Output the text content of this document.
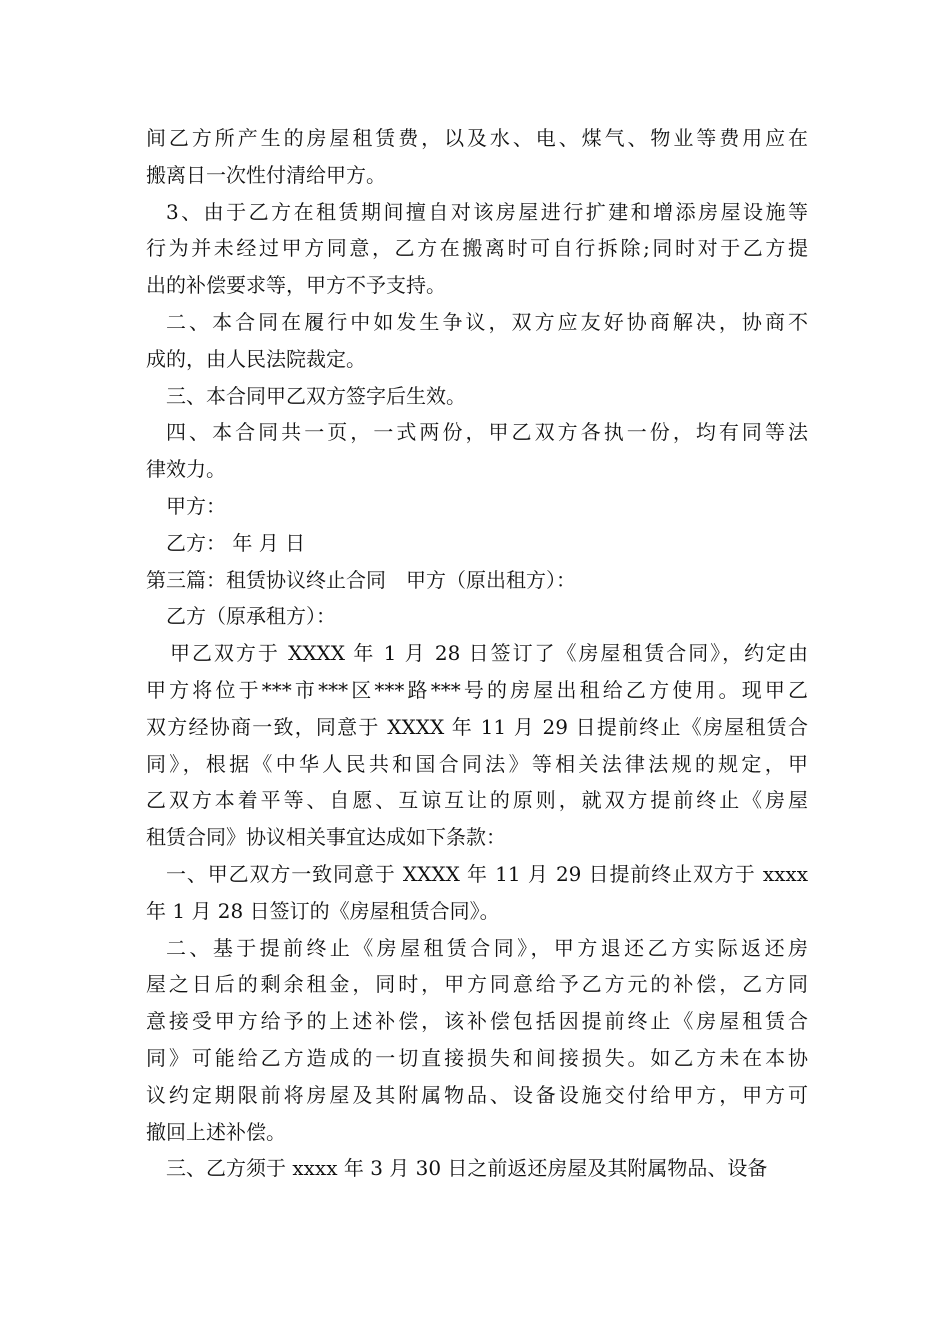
间乙方所产生的房屋租赁费，以及水、电、煤气、物业等费用应在
搬离日一次性付清给甲方。

3、由于乙方在租赁期间擅自对该房屋进行扩建和增添房屋设施等
行为并未经过甲方同意，乙方在搬离时可自行拆除;同时对于乙方提
出的补偿要求等，甲方不予支持。

二、本合同在履行中如发生争议，双方应友好协商解决，协商不
成的，由人民法院裁定。

三、本合同甲乙双方签字后生效。

四、本合同共一页，一式两份，甲乙双方各执一份，均有同等法
律效力。

甲方：

乙方： 年 月 日

第三篇：租赁协议终止合同　甲方（原出租方）：

乙方（原承租方）：

甲乙双方于 XXXX 年 1 月 28 日签订了《房屋租赁合同》，约定由
甲方将位于***市***区***路***号的房屋出租给乙方使用。现甲乙
双方经协商一致，同意于 XXXX 年 11 月 29 日提前终止《房屋租赁合
同》，根据《中华人民共和国合同法》等相关法律法规的规定，甲
乙双方本着平等、自愿、互谅互让的原则，就双方提前终止《房屋
租赁合同》协议相关事宜达成如下条款：

一、甲乙双方一致同意于 XXXX 年 11 月 29 日提前终止双方于 xxxx
年 1 月 28 日签订的《房屋租赁合同》。

二、基于提前终止《房屋租赁合同》，甲方退还乙方实际返还房
屋之日后的剩余租金，同时，甲方同意给予乙方元的补偿，乙方同
意接受甲方给予的上述补偿，该补偿包括因提前终止《房屋租赁合
同》可能给乙方造成的一切直接损失和间接损失。如乙方未在本协
议约定期限前将房屋及其附属物品、设备设施交付给甲方，甲方可
撤回上述补偿。

三、乙方须于 xxxx 年 3 月 30 日之前返还房屋及其附属物品、设备
